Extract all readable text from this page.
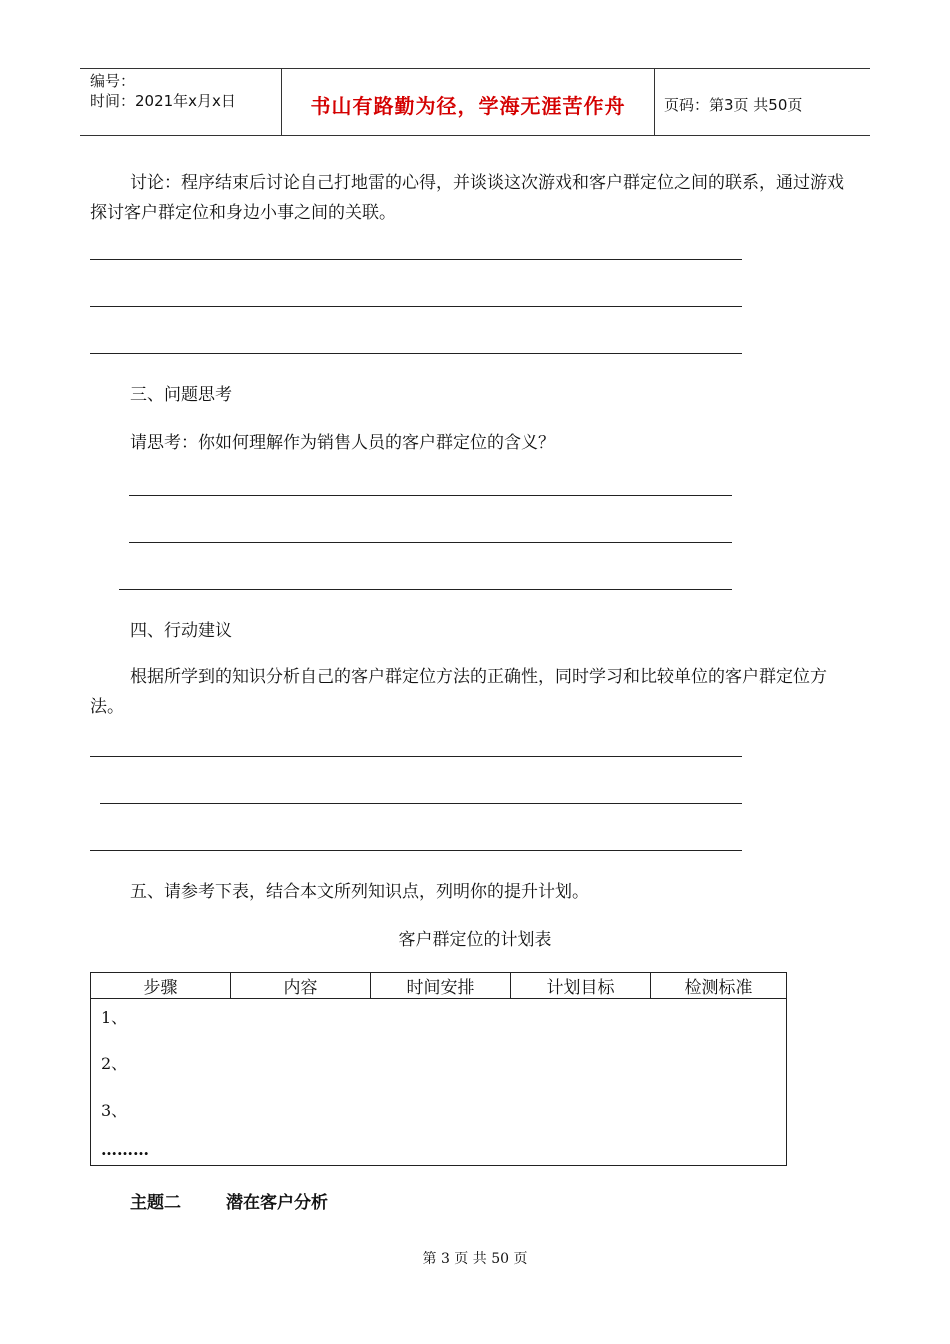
编号：
时间：2021年x月x日	书山有路勤为径，学海无涯苦作舟	页码：第3页 共50页
讨论：程序结束后讨论自己打地雷的心得，并谈谈这次游戏和客户群定位之间的联系，通过游戏探讨客户群定位和身边小事之间的关联。
三、问题思考
请思考：你如何理解作为销售人员的客户群定位的含义？
四、行动建议
根据所学到的知识分析自己的客户群定位方法的正确性，同时学习和比较单位的客户群定位方法。
五、请参考下表，结合本文所列知识点，列明你的提升计划。
客户群定位的计划表
步骤	内容	时间安排	计划目标	检测标准

1、
2、
3、
………
主题二	潜在客户分析
第 3 页 共 50 页
